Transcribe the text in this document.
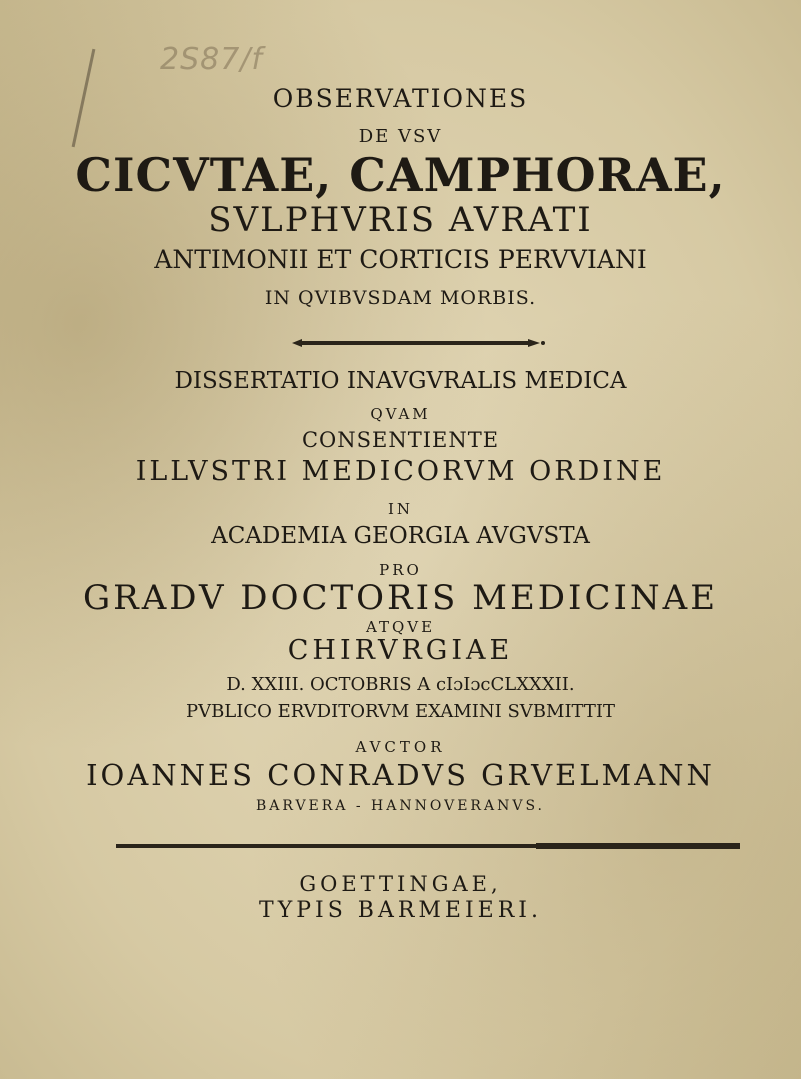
2S87/f

OBSERVATIONES

DE VSV

CICVTAE, CAMPHORAE,

SVLPHVRIS AVRATI

ANTIMONII ET CORTICIS PERVVIANI

IN QVIBVSDAM MORBIS.

DISSERTATIO INAVGVRALIS MEDICA

QVAM

CONSENTIENTE

ILLVSTRI MEDICORVM ORDINE

IN

ACADEMIA GEORGIA AVGVSTA

PRO

GRADV DOCTORIS MEDICINAE

ATQVE

CHIRVRGIAE

D. XXIII. OCTOBRIS A cIɔIɔcCLXXXII.

PVBLICO ERVDITORVM EXAMINI SVBMITTIT

AVCTOR

IOANNES CONRADVS GRVELMANN

BARVERA - HANNOVERANVS.

GOETTINGAE,

TYPIS BARMEIERI.
